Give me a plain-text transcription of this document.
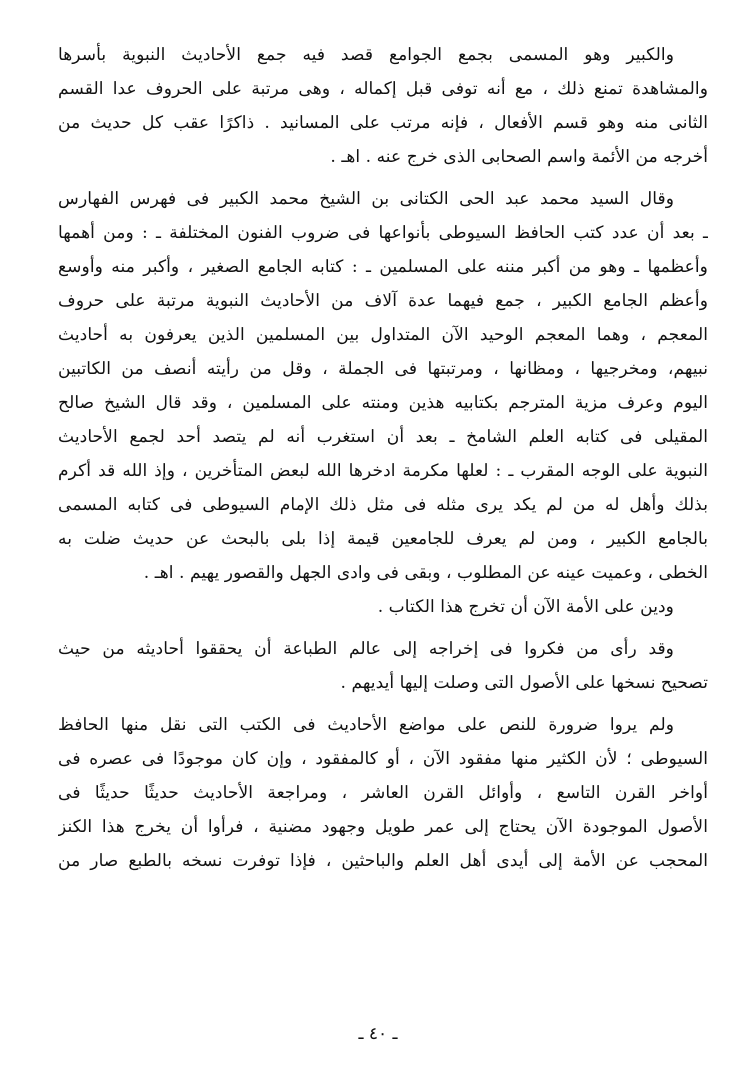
والكبير وهو المسمى بجمع الجوامع قصد فيه جمع الأحاديث النبوية بأسرها
والمشاهدة تمنع ذلك ، مع أنه توفى قبل إكماله ، وهى مرتبة على الحروف عدا القسم
الثانى منه وهو قسم الأفعال ، فإنه مرتب على المسانيد . ذاكرًا عقب كل حديث من
أخرجه من الأئمة واسم الصحابى الذى خرج عنه . اهـ .
وقال السيد محمد عبد الحى الكتانى بن الشيخ محمد الكبير فى فهرس الفهارس
ـ بعد أن عدد كتب الحافظ السيوطى بأنواعها فى ضروب الفنون المختلفة ـ : ومن أهمها
وأعظمها ـ وهو من أكبر مننه على المسلمين ـ : كتابه الجامع الصغير ، وأكبر منه وأوسع
وأعظم الجامع الكبير ، جمع فيهما عدة آلاف من الأحاديث النبوية مرتبة على حروف
المعجم ، وهما المعجم الوحيد الآن المتداول بين المسلمين الذين يعرفون به أحاديث
نبيهم، ومخرجيها ، ومظانها ، ومرتبتها فى الجملة ، وقل من رأيته أنصف من الكاتبين
اليوم وعرف مزية المترجم بكتابيه هذين ومنته على المسلمين ، وقد قال الشيخ صالح
المقيلى فى كتابه العلم الشامخ ـ بعد أن استغرب أنه لم يتصد أحد لجمع الأحاديث
النبوية على الوجه المقرب ـ : لعلها مكرمة ادخرها الله لبعض المتأخرين ، وإذ الله قد أكرم
بذلك وأهل له من لم يكد يرى مثله فى مثل ذلك الإمام السيوطى فى كتابه المسمى
بالجامع الكبير ، ومن لم يعرف للجامعين قيمة إذا بلى بالبحث عن حديث ضلت به
الخطى ، وعميت عينه عن المطلوب ، وبقى فى وادى الجهل والقصور يهيم . اهـ .
ودين على الأمة الآن أن تخرج هذا الكتاب .
وقد رأى من فكروا فى إخراجه إلى عالم الطباعة أن يحققوا أحاديثه من حيث
تصحيح نسخها على الأصول التى وصلت إليها أيديهم .
ولم يروا ضرورة للنص على مواضع الأحاديث فى الكتب التى نقل منها الحافظ
السيوطى ؛ لأن الكثير منها مفقود الآن ، أو كالمفقود ، وإن كان موجودًا فى عصره فى
أواخر القرن التاسع ، وأوائل القرن العاشر ، ومراجعة الأحاديث حديثًا حديثًا فى
الأصول الموجودة الآن يحتاج إلى عمر طويل وجهود مضنية ، فرأوا أن يخرج هذا الكنز
المحجب عن الأمة إلى أيدى أهل العلم والباحثين ، فإذا توفرت نسخه بالطبع صار من
ـ ٤٠ ـ
